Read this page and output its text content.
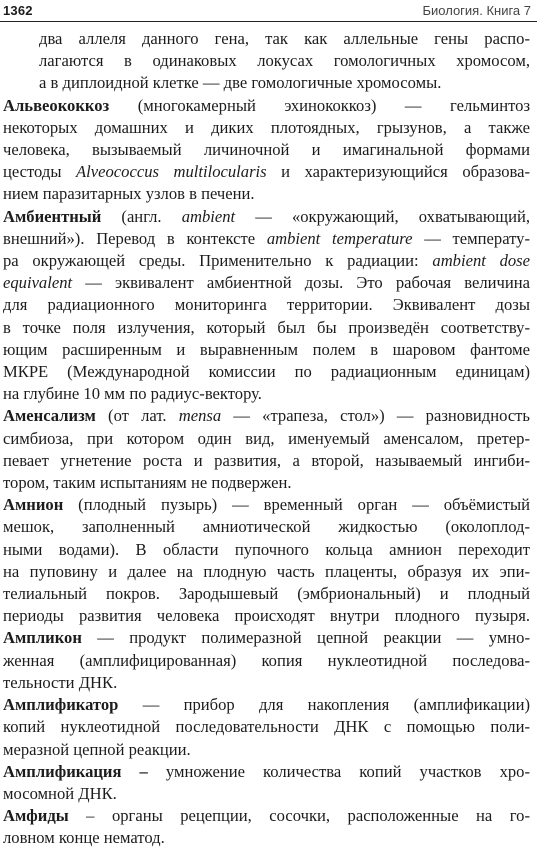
1362	Биология. Книга 7
два аллеля данного гена, так как аллельные гены распо-
лагаются в одинаковых локусах гомологичных хромосом,
а в диплоидной клетке — две гомологичные хромосомы.
Альвеококкоз (многокамерный эхинококкоз) — гельминтоз
некоторых домашних и диких плотоядных, грызунов, а также
человека, вызываемый личиночной и имагинальной формами
цестоды Alveococcus multilocularis и характеризующийся образова-
нием паразитарных узлов в печени.
Амбиентный (англ. ambient — «окружающий, охватывающий,
внешний»). Перевод в контексте ambient temperature — температу-
ра окружающей среды. Применительно к радиации: ambient dose
equivalent — эквивалент амбиентной дозы. Это рабочая величина
для радиационного мониторинга территории. Эквивалент дозы
в точке поля излучения, который был бы произведён соответству-
ющим расширенным и выравненным полем в шаровом фантоме
МКРЕ (Международной комиссии по радиационным единицам)
на глубине 10 мм по радиус-вектору.
Аменсализм (от лат. mensa — «трапеза, стол») — разновидность
симбиоза, при котором один вид, именуемый аменсалом, претер-
певает угнетение роста и развития, а второй, называемый ингиби-
тором, таким испытаниям не подвержен.
Амнион (плодный пузырь) — временный орган — объёмистый
мешок, заполненный амниотической жидкостью (околоплод-
ными водами). В области пупочного кольца амнион переходит
на пуповину и далее на плодную часть плаценты, образуя их эпи-
телиальный покров. Зародышевый (эмбриональный) и плодный
периоды развития человека происходят внутри плодного пузыря.
Ампликон — продукт полимеразной цепной реакции — умно-
женная (амплифицированная) копия нуклеотидной последова-
тельности ДНК.
Амплификатор — прибор для накопления (амплификации)
копий нуклеотидной последовательности ДНК с помощью поли-
меразной цепной реакции.
Амплификация – умножение количества копий участков хро-
мосомной ДНК.
Амфиды – органы рецепции, сосочки, расположенные на го-
ловном конце нематод.
